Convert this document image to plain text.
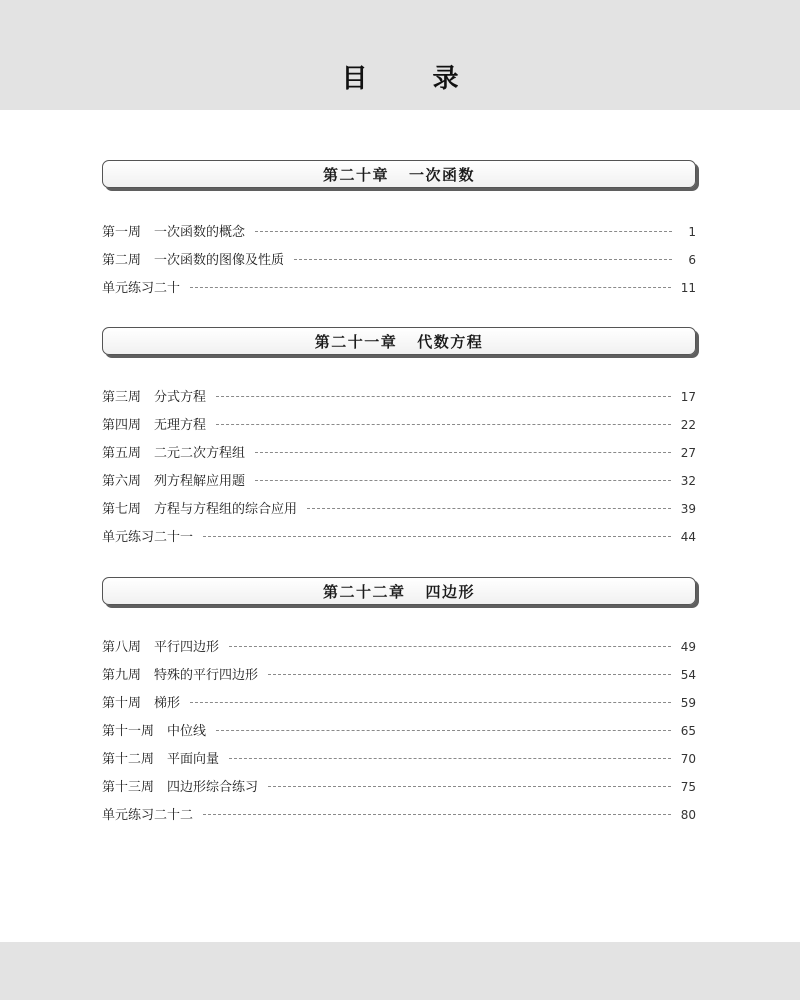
目 录
第二十章 一次函数
第一周　 一次函数的概念	1
第二周　 一次函数的图像及性质	6
单元练习二十	11
第二十一章 代数方程
第三周　 分式方程	17
第四周　 无理方程	22
第五周　 二元二次方程组	27
第六周　 列方程解应用题	32
第七周　 方程与方程组的综合应用	39
单元练习二十一	44
第二十二章 四边形
第八周　 平行四边形	49
第九周　 特殊的平行四边形	54
第十周　 梯形	59
第十一周　 中位线	65
第十二周　 平面向量	70
第十三周　 四边形综合练习	75
单元练习二十二	80
